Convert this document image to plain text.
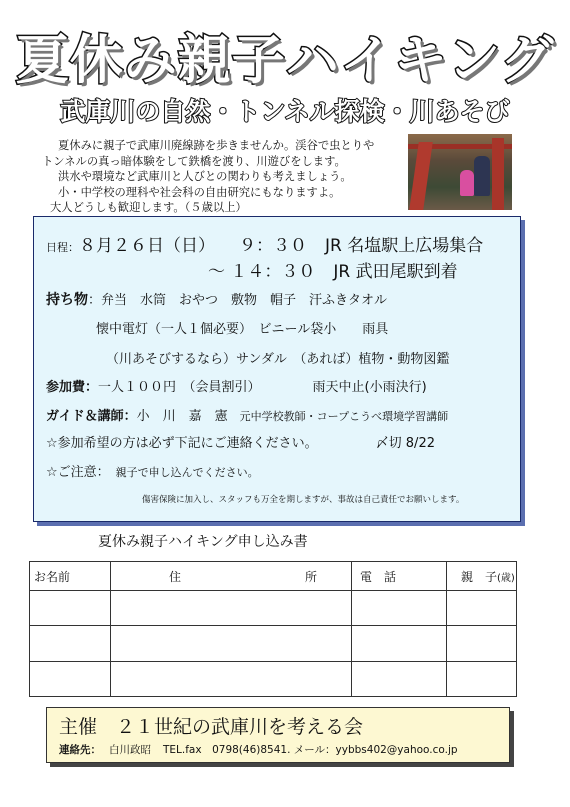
夏休み親子ハイキング
武庫川の自然・トンネル探検・川あそび
夏休みに親子で武庫川廃線跡を歩きませんか。渓谷で虫とりや
トンネルの真っ暗体験をして鉄橋を渡り、川遊びをします。
洪水や環境など武庫川と人びとの関わりも考えましょう。
小・中学校の理科や社会科の自由研究にもなりますよ。
大人どうしも歓迎します。（５歳以上）
日程：８月２６日（日） ９：３０ JR 名塩駅上広場集合
～ １４：３０ JR 武田尾駅到着
持ち物：弁当　水筒　おやつ　敷物　帽子　汗ふきタオル
懐中電灯（一人１個必要）　ビニール袋小　　雨具
（川あそびするなら）サンダル　（あれば）植物・動物図鑑
参加費：一人１００円　（会員割引）	雨天中止(小雨決行)
ガイド＆講師：小　川　嘉　憲 元中学校教師・コープこうべ環境学習講師
☆参加希望の方は必ず下記にご連絡ください。	〆切 8/22
☆ご注意： 親子で申し込んでください。
傷害保険に加入し、スタッフも万全を期しますが、事故は自己責任でお願いします。
夏休み親子ハイキング申し込み書
お名前	住 所	電　話	親　子(歳)

主催　２１世紀の武庫川を考える会
連絡先： 白川政昭 TEL.fax　0798(46)8541. メール：yybbs402@yahoo.co.jp
